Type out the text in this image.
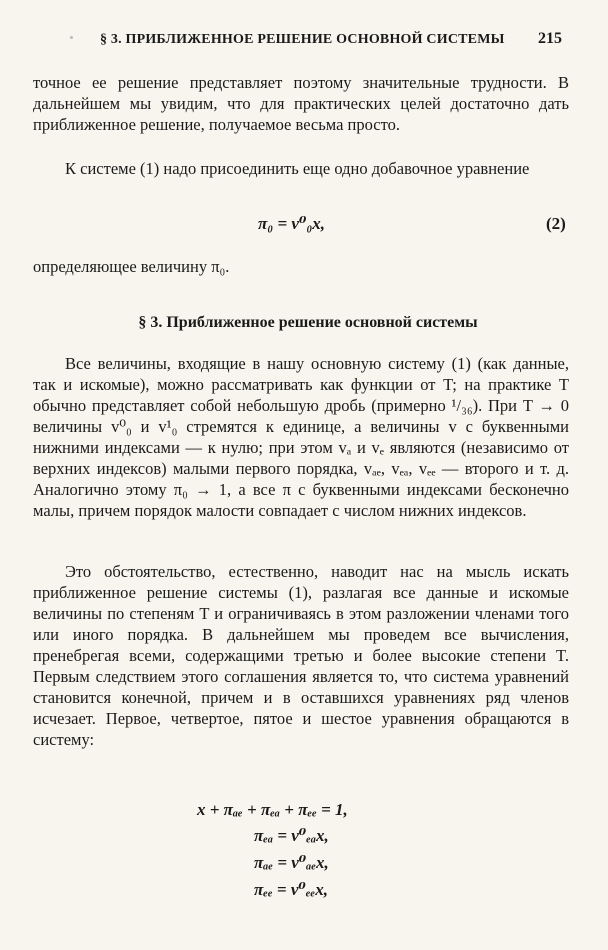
§ 3. ПРИБЛИЖЕННОЕ РЕШЕНИЕ ОСНОВНОЙ СИСТЕМЫ 215
точное ее решение представляет поэтому значительные трудности. В дальнейшем мы увидим, что для практических целей достаточно дать приближенное решение, получаемое весьма просто.
К системе (1) надо присоединить еще одно добавочное уравнение
π₀ = v⁰₀x,	(2)
определяющее величину π₀.
§ 3. Приближенное решение основной системы
Все величины, входящие в нашу основную систему (1) (как данные, так и искомые), можно рассматривать как функции от T; на практике T обычно представляет собой небольшую дробь (примерно ¹/₃₆). При T → 0 величины v⁰₀ и v¹₀ стремятся к единице, а величины v с буквенными нижними индексами — к нулю; при этом vₐ и vₑ являются (независимо от верхних индексов) малыми первого порядка, vₐₑ, vₑₐ, vₑₑ — второго и т. д. Аналогично этому π₀ → 1, а все π с буквенными индексами бесконечно малы, причем порядок малости совпадает с числом нижних индексов.
Это обстоятельство, естественно, наводит нас на мысль искать приближенное решение системы (1), разлагая все данные и искомые величины по степеням T и ограничиваясь в этом разложении членами того или иного порядка. В дальнейшем мы проведем все вычисления, пренебрегая всеми, содержащими третью и более высокие степени T. Первым следствием этого соглашения является то, что система уравнений становится конечной, причем и в оставшихся уравнениях ряд членов исчезает. Первое, четвертое, пятое и шестое уравнения обращаются в систему:
x + πₐₑ + πₑₐ + πₑₑ = 1,
πₑₐ = v⁰ₑₐx,
πₐₑ = v⁰ₐₑx,
πₑₑ = v⁰ₑₑx,
